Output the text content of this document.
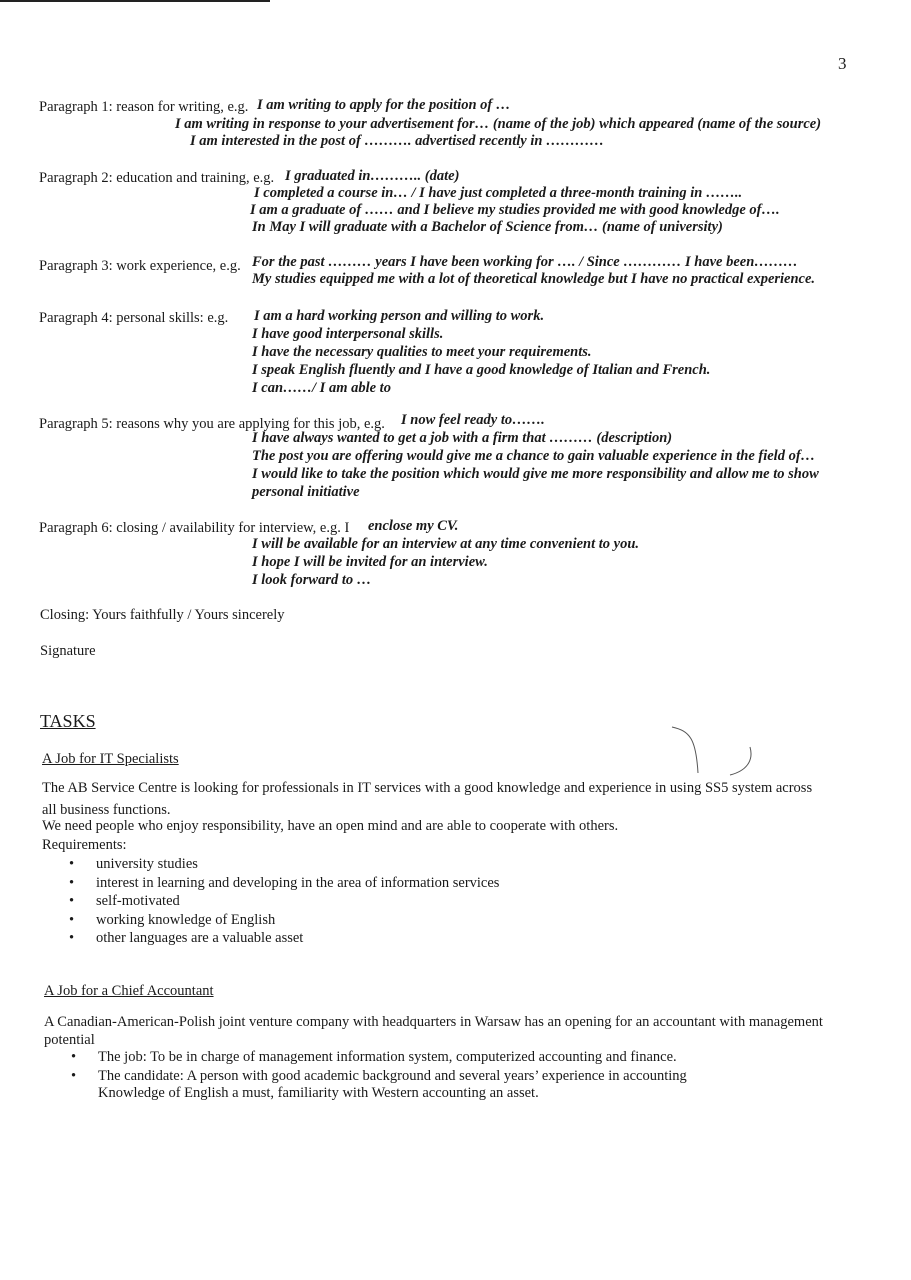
3
Paragraph 1: reason for writing, e.g. I am writing to apply for the position of …
I am writing in response to your advertisement for… (name of the job) which appeared (name of the source)
I am interested in the post of ………. advertised recently in …………
Paragraph 2: education and training, e.g. I graduated in……….. (date)
I completed a course in… / I have just completed a three-month training in ……..
I am a graduate of …… and I believe my studies provided me with good knowledge of….
In May I will graduate with a Bachelor of Science from… (name of university)
Paragraph 3: work experience, e.g. For the past ……… years I have been working for …. / Since ………… I have been………
My studies equipped me with a lot of theoretical knowledge but I have no practical experience.
Paragraph 4: personal skills: e.g. I am a hard working person and willing to work.
I have good interpersonal skills.
I have the necessary qualities to meet your requirements.
I speak English fluently and I have a good knowledge of Italian and French.
I can……/ I am able to
Paragraph 5: reasons why you are applying for this job, e.g. I now feel ready to…….
I have always wanted to get a job with a firm that ……… (description)
The post you are offering would give me a chance to gain valuable experience in the field of…
I would like to take the position which would give me more responsibility and allow me to show
personal initiative
Paragraph 6: closing / availability for interview, e.g. I enclose my CV.
I will be available for an interview at any time convenient to you.
I hope I will be invited for an interview.
I look forward to …
Closing: Yours faithfully / Yours sincerely
Signature
TASKS
A Job for IT Specialists
The AB Service Centre is looking for professionals in IT services with a good knowledge and experience in using SS5 system across
all business functions.
We need people who enjoy responsibility, have an open mind and are able to cooperate with others.
Requirements:
• university studies
• interest in learning and developing in the area of information services
• self-motivated
• working knowledge of English
• other languages are a valuable asset
A Job for a Chief Accountant
A Canadian-American-Polish joint venture company with headquarters in Warsaw has an opening for an accountant with management
potential
• The job: To be in charge of management information system, computerized accounting and finance.
• The candidate: A person with good academic background and several years’ experience in accounting
Knowledge of English a must, familiarity with Western accounting an asset.
